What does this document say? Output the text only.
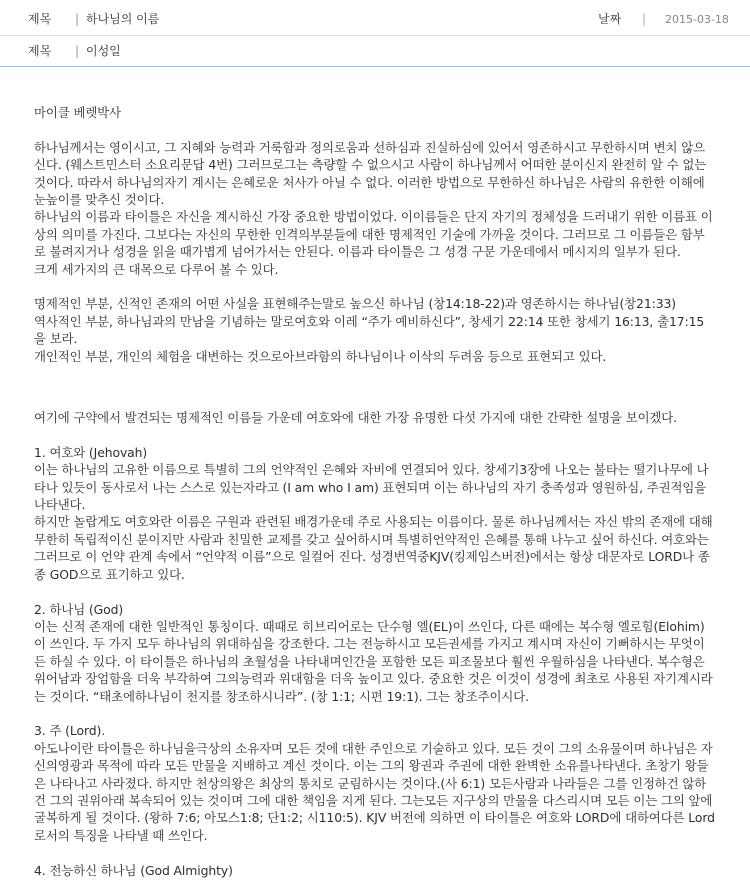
제목 | 하나님의 이름	날짜 | 2015-03-18
제목 | 이성일

마이클 베렛박사

하나님께서는 영이시고, 그 지혜와 능력과 거룩함과 정의로움과 선하심과 진실하심에 있어서 영존하시고 무한하시며 변치 않으신다. (웨스트민스터 소요리문답 4번) 그러므로그는 측량할 수 없으시고 사람이 하나님께서 어떠한 분이신지 완전히 알 수 없는 것이다. 따라서 하나님의자기 계시는 은혜로운 처사가 아닐 수 없다. 이러한 방법으로 무한하신 하나님은 사람의 유한한 이해에눈높이를 맞추신 것이다.

하나님의 이름과 타이틀은 자신을 계시하신 가장 중요한 방법이었다. 이이름들은 단지 자기의 정체성을 드러내기 위한 이름표 이상의 의미를 가진다. 그보다는 자신의 무한한 인격의부분들에 대한 명제적인 기술에 가까울 것이다. 그러므로 그 이름들은 함부로 불려지거나 성경을 읽을 때가볍게 넘어가서는 안된다. 이름과 타이틀은 그 성경 구문 가운데에서 메시지의 일부가 된다.

크게 세가지의 큰 대목으로 다루어 볼 수 있다.

명제적인 부분, 신적인 존재의 어떤 사실을 표현해주는말로 높으신 하나님 (창14:18-22)과 영존하시는 하나님(창21:33)

역사적인 부분, 하나님과의 만남을 기념하는 말로여호와 이레 “주가 예비하신다”, 창세기 22:14 또한 창세기 16:13, 출17:15을 보라.

개인적인 부분, 개인의 체험을 대변하는 것으로아브라함의 하나님이나 이삭의 두려움 등으로 표현되고 있다.

여기에 구약에서 발견되는 명제적인 이름들 가운데 여호와에 대한 가장 유명한 다섯 가지에 대한 간략한 설명을 보이겠다.

1. 여호와 (Jehovah)

이는 하나님의 고유한 이름으로 특별히 그의 언약적인 은혜와 자비에 연결되어 있다. 창세기3장에 나오는 불타는 떨기나무에 나타나 있듯이 동사로서 나는 스스로 있는자라고 (I am who I am) 표현되며 이는 하나님의 자기 충족성과 영원하심, 주권적임을 나타낸다.

하지만 놀랍게도 여호와란 이름은 구원과 관련된 배경가운데 주로 사용되는 이름이다. 물론 하나님께서는 자신 밖의 존재에 대해 무한히 독립적이신 분이지만 사람과 친밀한 교제를 갖고 싶어하시며 특별히언약적인 은혜를 통해 나누고 싶어 하신다. 여호와는 그러므로 이 언약 관계 속에서 “언약적 이름”으로 일컬어 진다. 성경번역중KJV(킹제임스버전)에서는 항상 대문자로 LORD나 종종 GOD으로 표기하고 있다.

2. 하나님 (God)

이는 신적 존재에 대한 일반적인 통칭이다. 때때로 히브리어로는 단수형 엘(EL)이 쓰인다, 다른 때에는 복수형 엘로힘(Elohim)이 쓰인다. 두 가지 모두 하나님의 위대하심을 강조한다. 그는 전능하시고 모든권세를 가지고 계시며 자신이 기뻐하시는 무엇이든 하실 수 있다. 이 타이틀은 하나님의 초월성을 나타내며인간을 포함한 모든 피조물보다 훨씬 우월하심을 나타낸다. 복수형은 위어남과 장엄함을 더욱 부각하여 그의능력과 위대함을 더욱 높이고 있다. 중요한 것은 이것이 성경에 최초로 사용된 자기계시라는 것이다. “태초에하나님이 천지를 창조하시니라”. (창 1:1; 시편 19:1). 그는 창조주이시다.

3. 주 (Lord).

아도나이란 타이틀은 하나님을극상의 소유자며 모든 것에 대한 주인으로 기술하고 있다. 모든 것이 그의 소유물이며 하나님은 자신의영광과 목적에 따라 모든 만물을 지배하고 계신 것이다. 이는 그의 왕권과 주권에 대한 완벽한 소유를나타낸다. 초창기 왕들은 나타나고 사라졌다. 하지만 천상의왕은 최상의 통치로 군림하시는 것이다.(사 6:1) 모든사람과 나라들은 그를 인정하건 않하건 그의 권위아래 복속되어 있는 것이며 그에 대한 책임을 지게 된다. 그는모든 지구상의 만물을 다스리시며 모든 이는 그의 앞에 굴복하게 될 것이다. (왕하 7:6; 아모스1:8; 단1:2; 시110:5). KJV 버전에 의하면 이 타이틀은 여호와 LORD에 대하여다른 Lord로서의 특징을 나타낼 때 쓰인다.

4. 전능하신 하나님 (God Almighty)
